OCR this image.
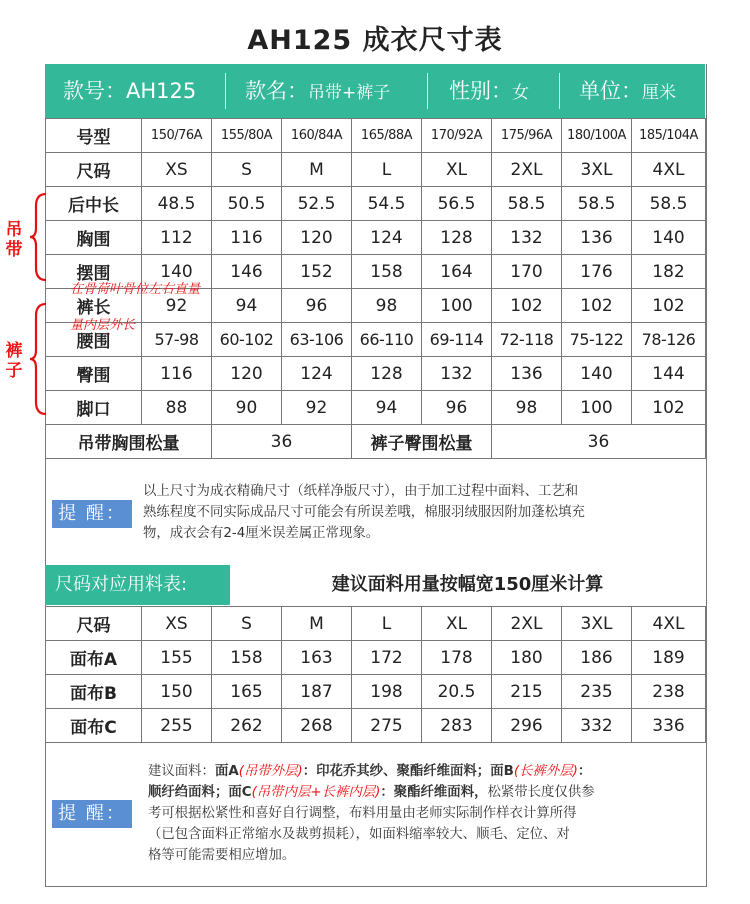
AH125 成衣尺寸表
款号：AH125 款名：吊带+裤子	性别：女 单位：厘米
号型	150/76A	155/80A	160/84A	165/88A	170/92A	175/96A	180/100A	185/104A
尺码	XS	S	M	L	XL	2XL	3XL	4XL
后中长	48.5	50.5	52.5	54.5	56.5	58.5	58.5	58.5
胸围	112	116	120	124	128	132	136	140
摆围	140	146	152	158	164	170	176	182
裤长	92	94	96	98	100	102	102	102
腰围	57-98	60-102	63-106	66-110	69-114	72-118	75-122	78-126
臀围	116	120	124	128	132	136	140	144
脚口	88	90	92	94	96	98	100	102
吊带胸围松量		36		裤子臀围松量		36		
在骨荷叶骨位左右直量
量内层外长
吊带
裤子
提 醒：
以上尺寸为成衣精确尺寸（纸样净版尺寸），由于加工过程中面料、工艺和
熟练程度不同实际成品尺寸可能会有所误差哦，棉服羽绒服因附加蓬松填充
物，成衣会有2-4厘米误差属正常现象。
尺码对应用料表:	建议面料用量按幅宽150厘米计算
尺码	XS	S	M	L	XL	2XL	3XL	4XL
面布A	155	158	163	172	178	180	186	189
面布B	150	165	187	198	20.5	215	235	238
面布C	255	262	268	275	283	296	332	336
提 醒：
建议面料：面A(吊带外层)：印花乔其纱、聚酯纤维面料；面B(长裤外层)：
顺纡绉面料；面C(吊带内层+长裤内层)：聚酯纤维面料，松紧带长度仅供参
考可根据松紧性和喜好自行调整，布料用量由老师实际制作样衣计算所得
（已包含面料正常缩水及裁剪损耗），如面料缩率较大、顺毛、定位、对
格等可能需要相应增加。
